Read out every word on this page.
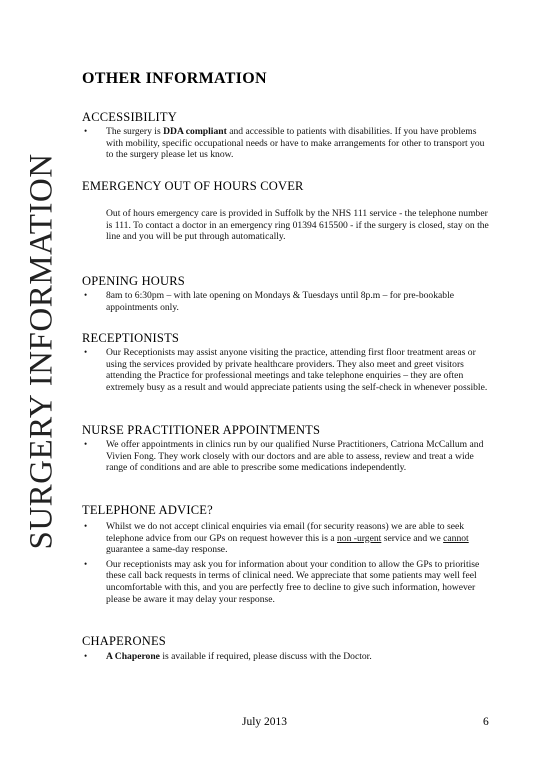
SURGERY INFORMATION
OTHER INFORMATION
ACCESSIBILITY
• The surgery is DDA compliant and accessible to patients with disabilities. If you have problems with mobility, specific occupational needs or have to make arrangements for other to transport you to the surgery please let us know.
EMERGENCY OUT OF HOURS COVER
Out of hours emergency care is provided in Suffolk by the NHS 111 service - the telephone number is 111. To contact a doctor in an emergency ring 01394 615500 - if the surgery is closed, stay on the line and you will be put through automatically.
OPENING HOURS
• 8am to 6:30pm – with late opening on Mondays & Tuesdays until 8p.m – for pre-bookable appointments only.
RECEPTIONISTS
• Our Receptionists may assist anyone visiting the practice, attending first floor treatment areas or using the services provided by private healthcare providers. They also meet and greet visitors attending the Practice for professional meetings and take telephone enquiries – they are often extremely busy as a result and would appreciate patients using the self-check in whenever possible.
NURSE PRACTITIONER APPOINTMENTS
• We offer appointments in clinics run by our qualified Nurse Practitioners, Catriona McCallum and Vivien Fong. They work closely with our doctors and are able to assess, review and treat a wide range of conditions and are able to prescribe some medications independently.
TELEPHONE ADVICE?
• Whilst we do not accept clinical enquiries via email (for security reasons) we are able to seek telephone advice from our GPs on request however this is a non -urgent service and we cannot guarantee a same-day response.
• Our receptionists may ask you for information about your condition to allow the GPs to prioritise these call back requests in terms of clinical need. We appreciate that some patients may well feel uncomfortable with this, and you are perfectly free to decline to give such information, however please be aware it may delay your response.
CHAPERONES
• A Chaperone is available if required, please discuss with the Doctor.
July 2013	6
